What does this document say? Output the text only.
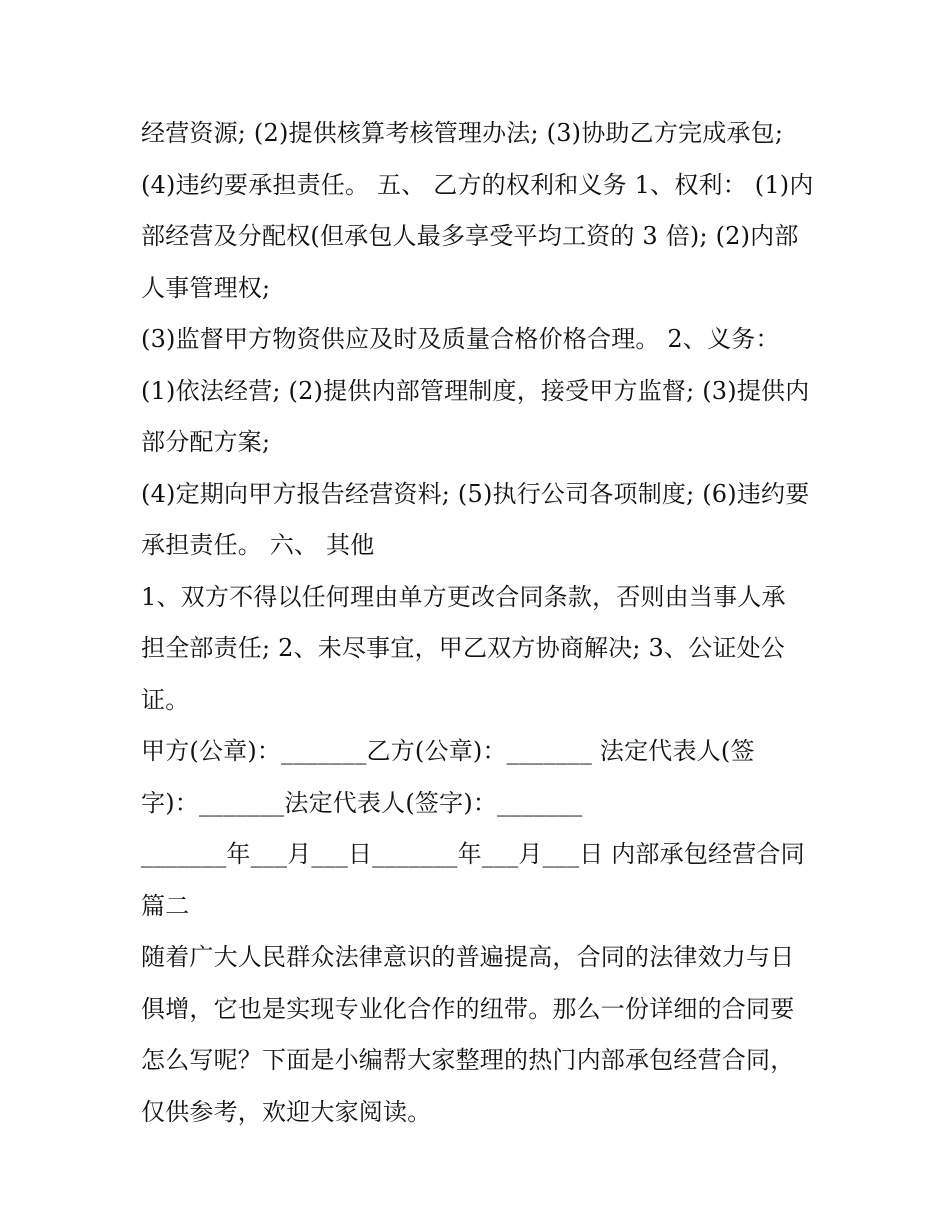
经营资源; (2)提供核算考核管理办法; (3)协助乙方完成承包;
(4)违约要承担责任。 五、 乙方的权利和义务 1、权利： (1)内
部经营及分配权(但承包人最多享受平均工资的 3 倍); (2)内部
人事管理权;
(3)监督甲方物资供应及时及质量合格价格合理。 2、义务：
(1)依法经营; (2)提供内部管理制度，接受甲方监督; (3)提供内
部分配方案;
(4)定期向甲方报告经营资料; (5)执行公司各项制度; (6)违约要
承担责任。 六、 其他
1、双方不得以任何理由单方更改合同条款，否则由当事人承
担全部责任; 2、未尽事宜，甲乙双方协商解决; 3、公证处公
证。
甲方(公章)：_______乙方(公章)：_______ 法定代表人(签
字)：_______法定代表人(签字)：_______
_______年___月___日_______年___月___日 内部承包经营合同
篇二
随着广大人民群众法律意识的普遍提高，合同的法律效力与日
俱增，它也是实现专业化合作的纽带。那么一份详细的合同要
怎么写呢？下面是小编帮大家整理的热门内部承包经营合同，
仅供参考，欢迎大家阅读。
